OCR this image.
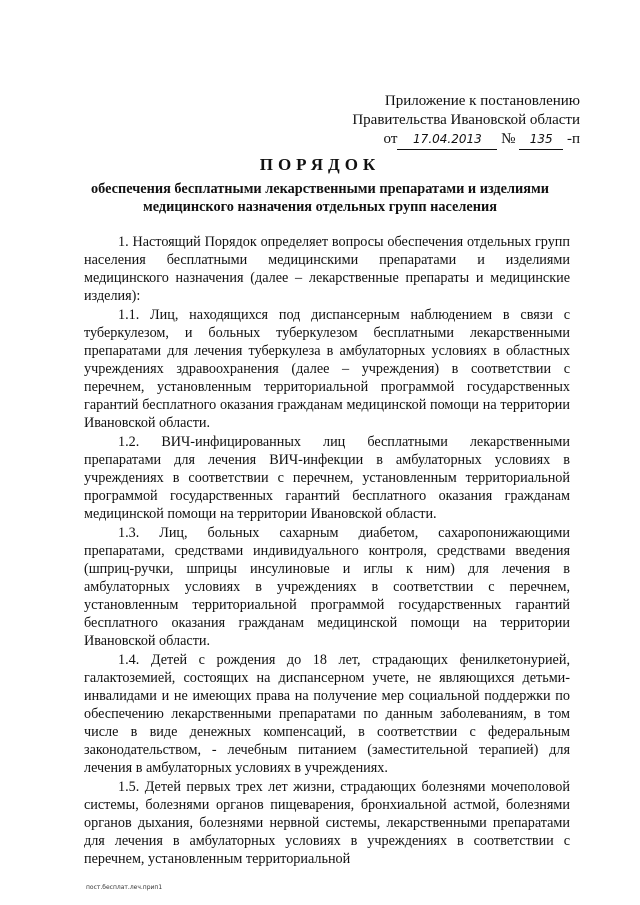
Приложение к постановлению
Правительства Ивановской области
от 17.04.2013 № 135 -п
ПОРЯДОК
обеспечения бесплатными лекарственными препаратами и изделиями медицинского назначения отдельных групп населения

1. Настоящий Порядок определяет вопросы обеспечения отдельных групп населения бесплатными медицинскими препаратами и изделиями медицинского назначения (далее – лекарственные препараты и медицинские изделия):

1.1. Лиц, находящихся под диспансерным наблюдением в связи с туберкулезом, и больных туберкулезом бесплатными лекарственными препаратами для лечения туберкулеза в амбулаторных условиях в областных учреждениях здравоохранения (далее – учреждения) в соответствии с перечнем, установленным территориальной программой государственных гарантий бесплатного оказания гражданам медицинской помощи на территории Ивановской области.

1.2. ВИЧ-инфицированных лиц бесплатными лекарственными препаратами для лечения ВИЧ-инфекции в амбулаторных условиях в учреждениях в соответствии с перечнем, установленным территориальной программой государственных гарантий бесплатного оказания гражданам медицинской помощи на территории Ивановской области.

1.3. Лиц, больных сахарным диабетом, сахаропонижающими препаратами, средствами индивидуального контроля, средствами введения (шприц-ручки, шприцы инсулиновые и иглы к ним) для лечения в амбулаторных условиях в учреждениях в соответствии с перечнем, установленным территориальной программой государственных гарантий бесплатного оказания гражданам медицинской помощи на территории Ивановской области.

1.4. Детей с рождения до 18 лет, страдающих фенилкетонурией, галактоземией, состоящих на диспансерном учете, не являющихся детьми-инвалидами и не имеющих права на получение мер социальной поддержки по обеспечению лекарственными препаратами по данным заболеваниям, в том числе в виде денежных компенсаций, в соответствии с федеральным законодательством, - лечебным питанием (заместительной терапией) для лечения в амбулаторных условиях в учреждениях.

1.5. Детей первых трех лет жизни, страдающих болезнями мочеполовой системы, болезнями органов пищеварения, бронхиальной астмой, болезнями органов дыхания, болезнями нервной системы, лекарственными препаратами для лечения в амбулаторных условиях в учреждениях в соответствии с перечнем, установленным территориальной

пост.бесплат.леч.прип1
